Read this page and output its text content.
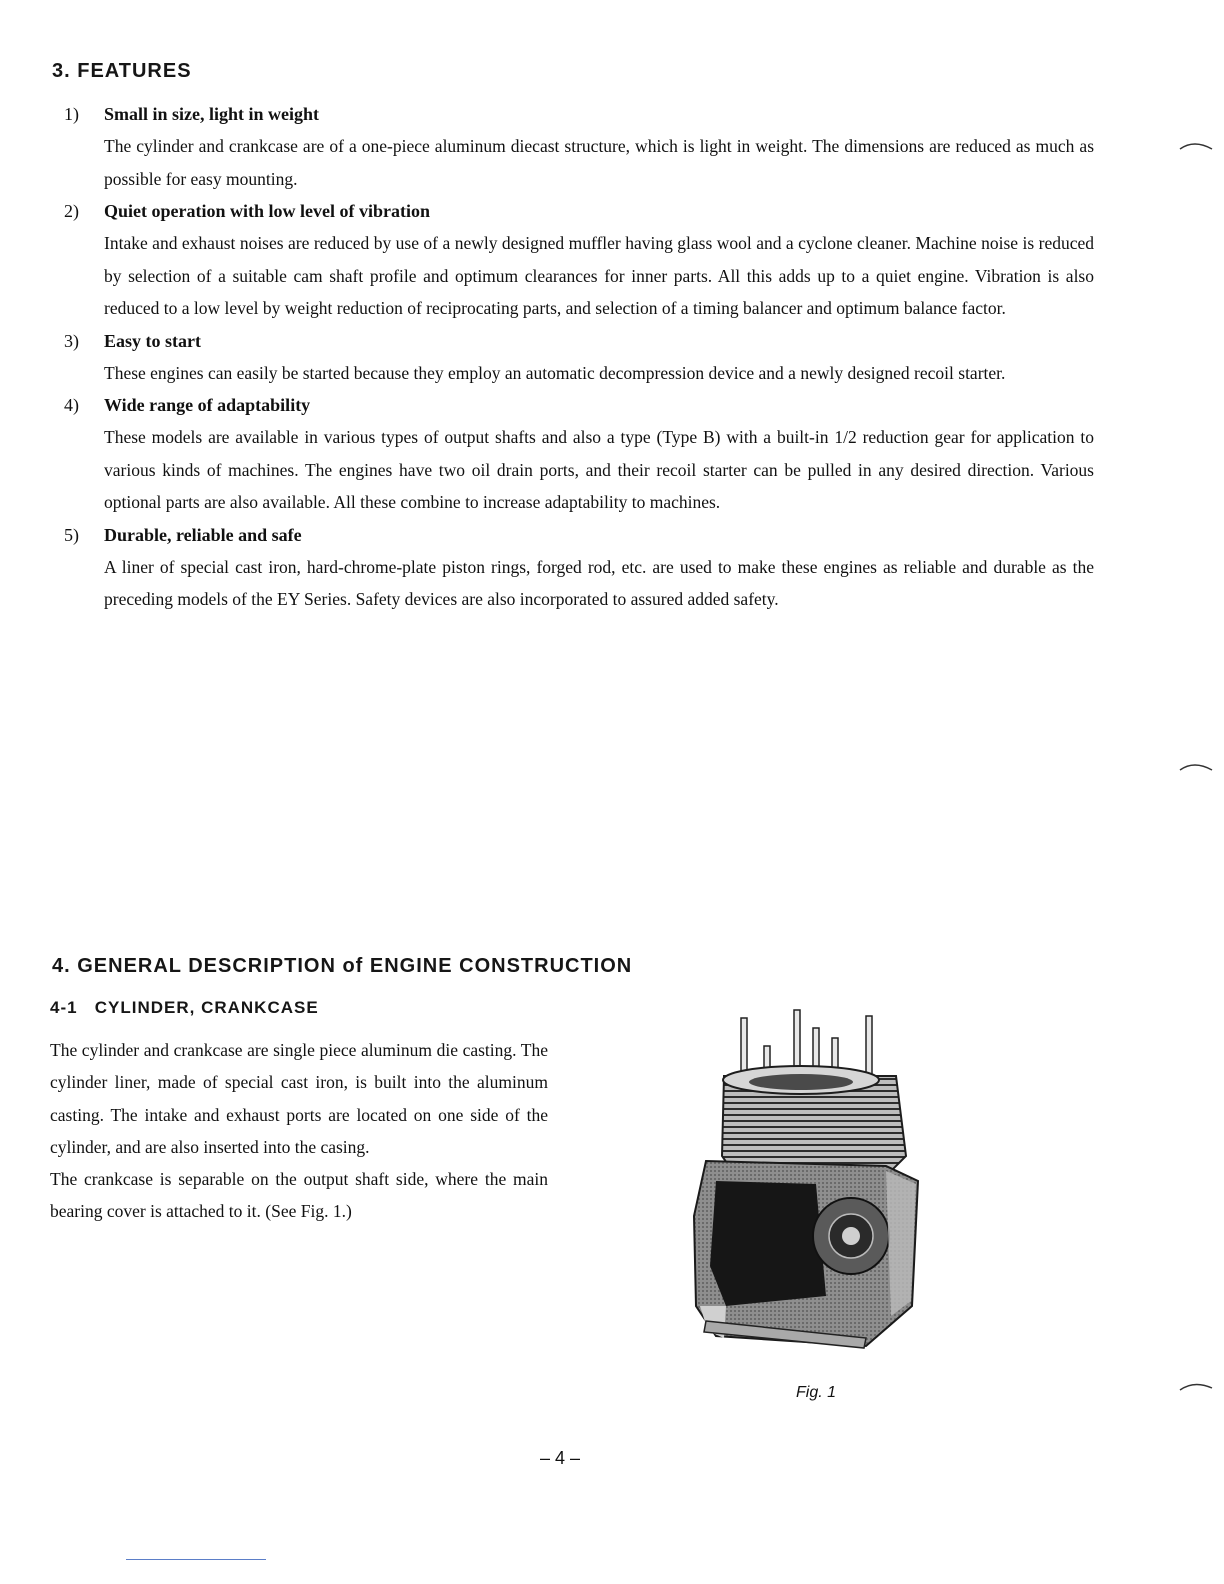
3. FEATURES
1)	Small in size, light in weight

The cylinder and crankcase are of a one-piece aluminum diecast structure, which is light in weight. The dimensions are reduced as much as possible for easy mounting.

2)	Quiet operation with low level of vibration

Intake and exhaust noises are reduced by use of a newly designed muffler having glass wool and a cyclone cleaner. Machine noise is reduced by selection of a suitable cam shaft profile and optimum clearances for inner parts. All this adds up to a quiet engine. Vibration is also reduced to a low level by weight reduction of reciprocating parts, and selection of a timing balancer and optimum balance factor.

3)	Easy to start

These engines can easily be started because they employ an automatic decompression device and a newly designed recoil starter.

4)	Wide range of adaptability

These models are available in various types of output shafts and also a type (Type B) with a built-in 1/2 reduction gear for application to various kinds of machines. The engines have two oil drain ports, and their recoil starter can be pulled in any desired direction. Various optional parts are also available. All these combine to increase adaptability to machines.

5)	Durable, reliable and safe

A liner of special cast iron, hard-chrome-plate piston rings, forged rod, etc. are used to make these engines as reliable and durable as the preceding models of the EY Series. Safety devices are also incorporated to assured added safety.

4. GENERAL DESCRIPTION of ENGINE CONSTRUCTION
4-1   CYLINDER, CRANKCASE

The cylinder and crankcase are single piece aluminum die casting. The cylinder liner, made of special cast iron, is built into the aluminum casting. The intake and exhaust ports are located on one side of the cylinder, and are also inserted into the casing.

The crankcase is separable on the output shaft side, where the main bearing cover is attached to it. (See Fig. 1.)

Fig. 1
– 4 –
